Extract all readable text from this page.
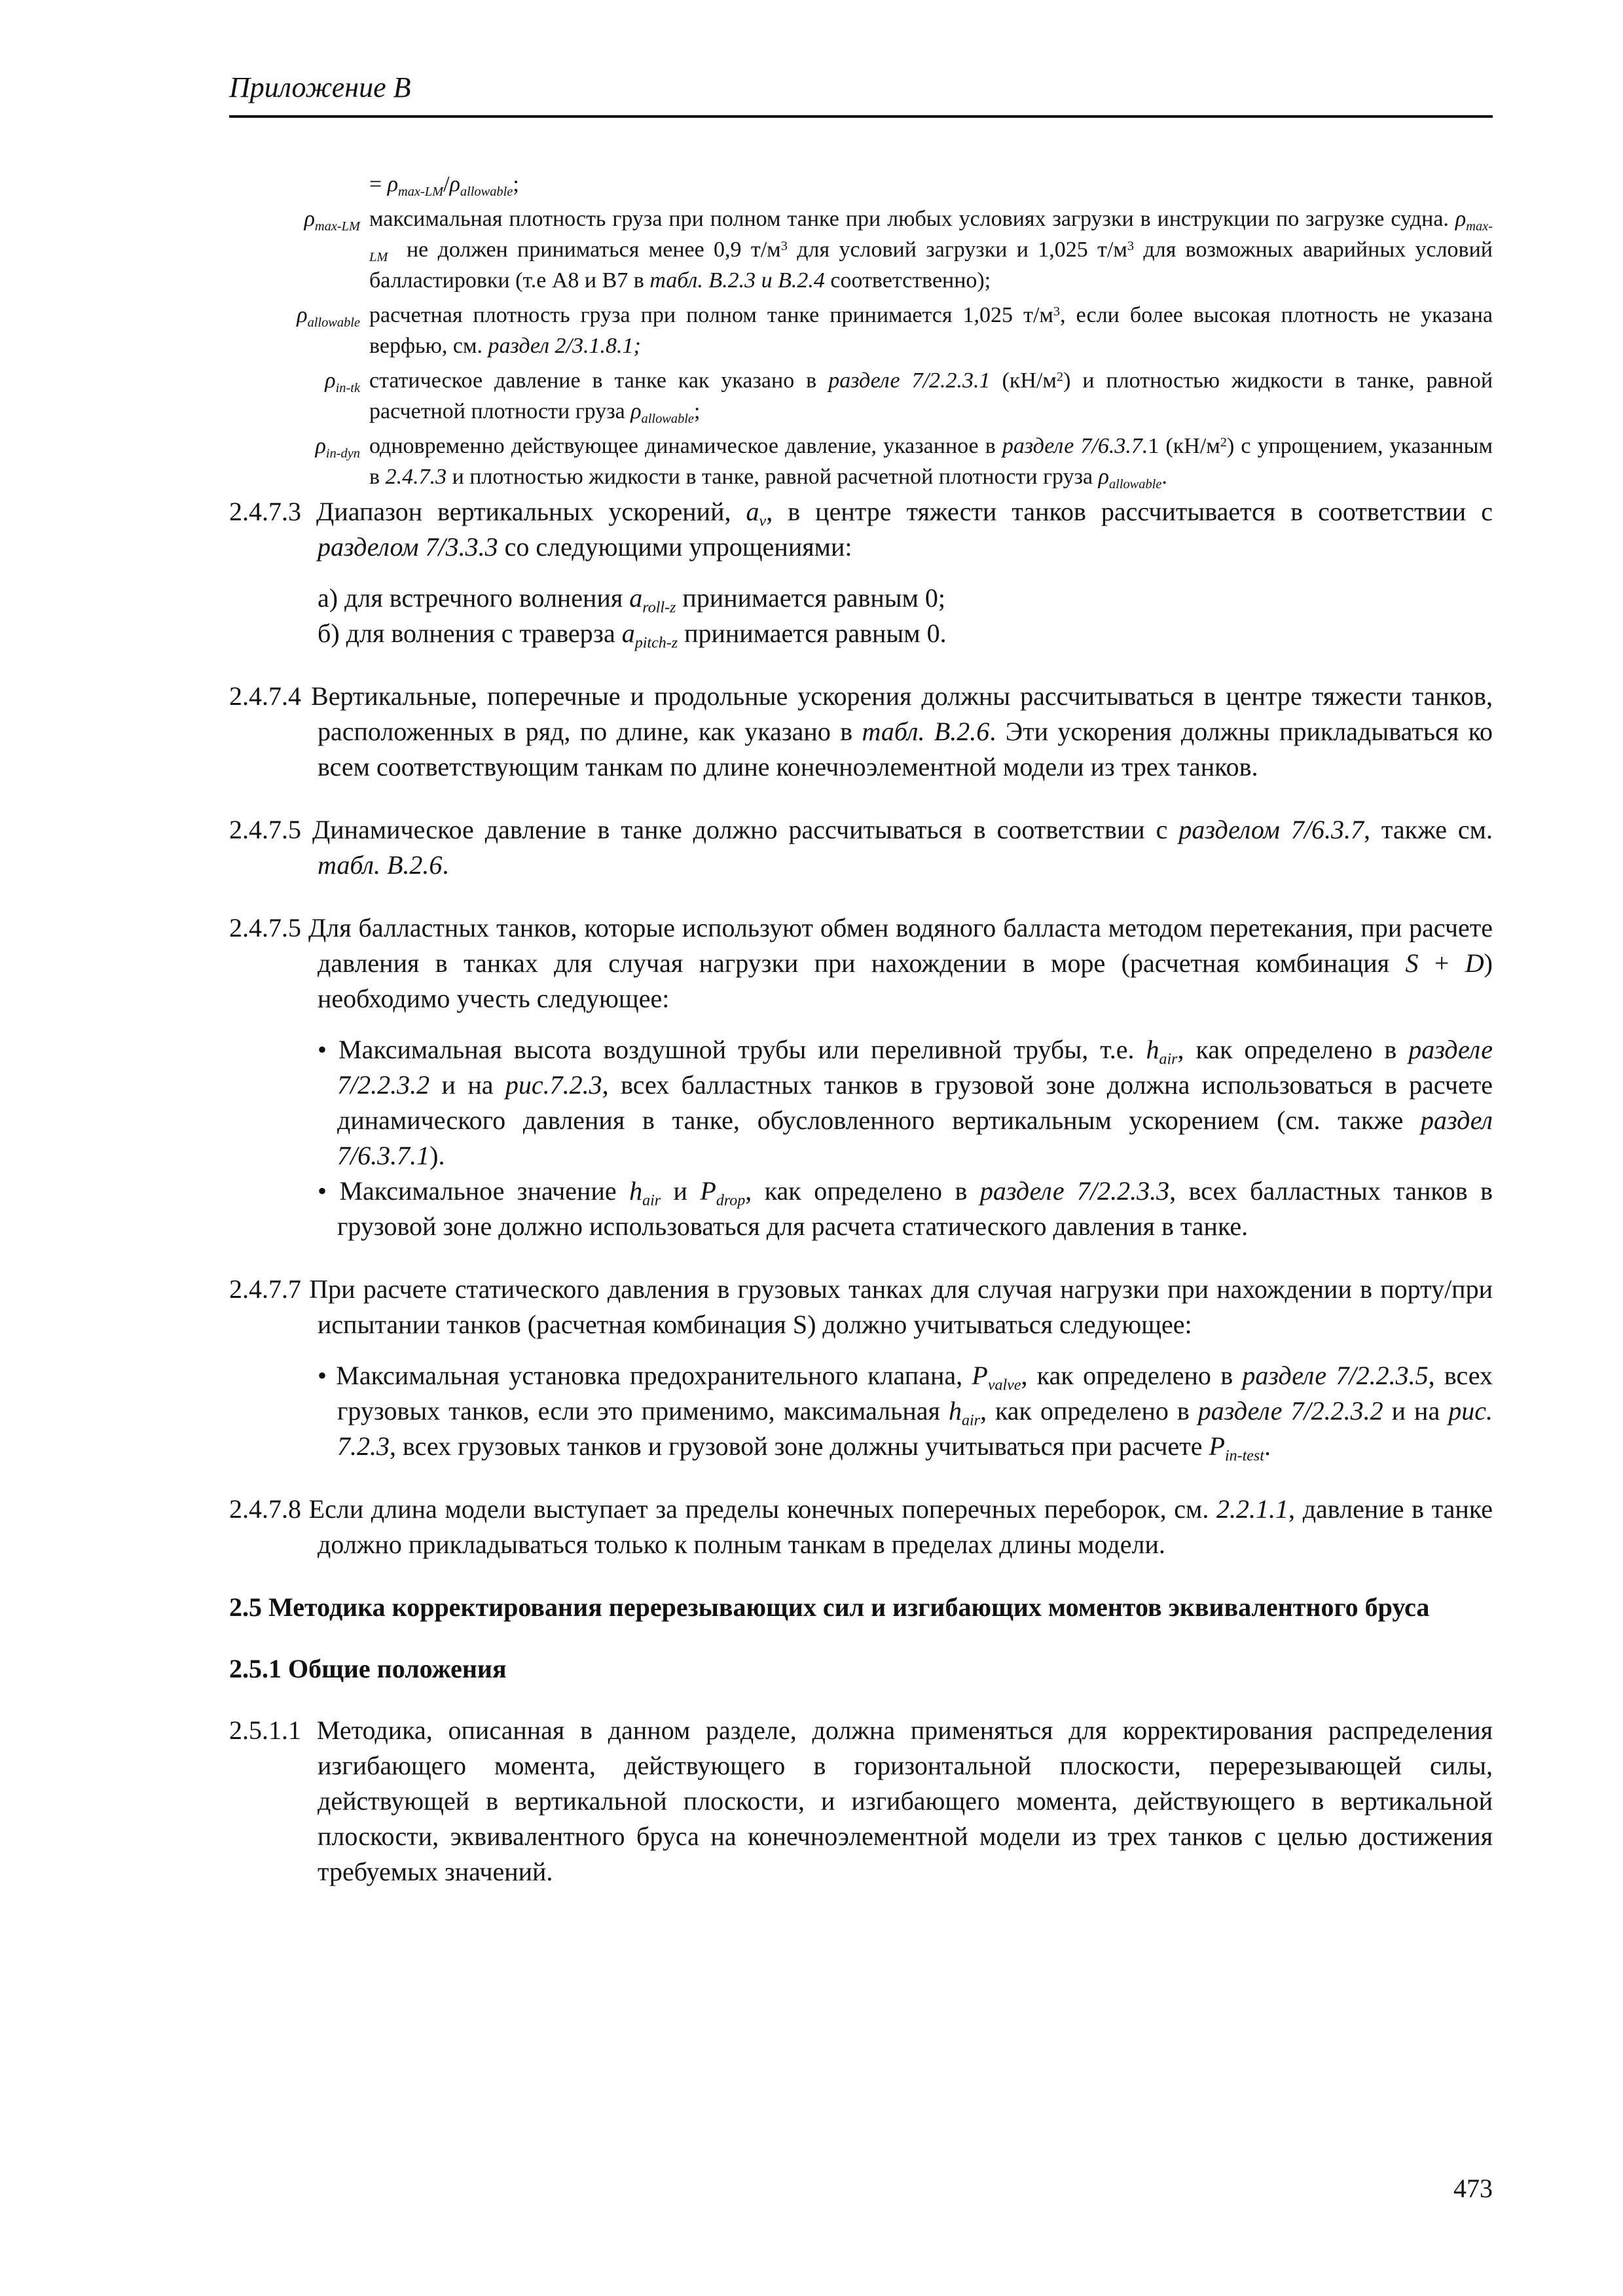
Приложение В
= $\rho_{max-LM}/\rho_{allowable}$;
$\rho_{max-LM}$ максимальная плотность груза при полном танке при любых условиях загрузки в инструкции по загрузке судна. $\rho_{max-LM}$  не должен приниматься менее 0,9 $т/м^3$ для условий загрузки и 1,025 $т/м^3$ для возможных аварийных условий балластировки (т.е А8 и В7 в табл. В.2.3 и В.2.4 соответственно);
$\rho_{allowable}$ расчетная плотность груза при полном танке принимается 1,025 $т/м^3$, если более высокая плотность не указана верфью, см. раздел 2/3.1.8.1;
$\rho_{in-tk}$ статическое давление в танке как указано в разделе 7/2.2.3.1 $(кН/м^2)$ и плотностью жидкости в танке, равной расчетной плотности груза $\rho_{allowable}$;
$\rho_{in-dyn}$ одновременно действующее динамическое давление, указанное в разделе 7/6.3.7.1 $(кН/м^2)$ с упрощением, указанным в 2.4.7.3 и плотностью жидкости в танке, равной расчетной плотности груза $\rho_{allowable}$.

2.4.7.3 Диапазон вертикальных ускорений, $a_v$, в центре тяжести танков рассчитывается в соответствии с разделом 7/3.3.3 со следующими упрощениями:

а) для встречного волнения $a_{roll-z}$ принимается равным 0;
б) для волнения с траверза $a_{pitch-z}$ принимается равным 0.

2.4.7.4 Вертикальные, поперечные и продольные ускорения должны рассчитываться в центре тяжести танков, расположенных в ряд, по длине, как указано в табл. В.2.6. Эти ускорения должны прикладываться ко всем соответствующим танкам по длине конечноэлементной модели из трех танков.

2.4.7.5 Динамическое давление в танке должно рассчитываться в соответствии с разделом 7/6.3.7, также см. табл. В.2.6.

2.4.7.5 Для балластных танков, которые используют обмен водяного балласта методом перетекания, при расчете давления в танках для случая нагрузки при нахождении в море (расчетная комбинация S + D) необходимо учесть следующее:

• Максимальная высота воздушной трубы или переливной трубы, т.е. $h_{air}$, как определено в разделе 7/2.2.3.2 и на рис.7.2.3, всех балластных танков в грузовой зоне должна использоваться в расчете динамического давления в танке, обусловленного вертикальным ускорением (см. также раздел 7/6.3.7.1).
• Максимальное значение $h_{air}$ и $P_{drop}$, как определено в разделе 7/2.2.3.3, всех балластных танков в грузовой зоне должно использоваться для расчета статического давления в танке.

2.4.7.7 При расчете статического давления в грузовых танках для случая нагрузки при нахождении в порту/при испытании танков (расчетная комбинация S) должно учитываться следующее:

• Максимальная установка предохранительного клапана, $P_{valve}$, как определено в разделе 7/2.2.3.5, всех грузовых танков, если это применимо, максимальная $h_{air}$, как определено в разделе 7/2.2.3.2 и на рис. 7.2.3, всех грузовых танков и грузовой зоне должны учитываться при расчете $P_{in-test}$.

2.4.7.8 Если длина модели выступает за пределы конечных поперечных переборок, см. 2.2.1.1, давление в танке должно прикладываться только к полным танкам в пределах длины модели.

2.5 Методика корректирования перерезывающих сил и изгибающих моментов эквивалентного бруса

2.5.1 Общие положения

2.5.1.1 Методика, описанная в данном разделе, должна применяться для корректирования распределения изгибающего момента, действующего в горизонтальной плоскости, перерезывающей силы, действующей в вертикальной плоскости, и изгибающего момента, действующего в вертикальной плоскости, эквивалентного бруса на конечноэлементной модели из трех танков с целью достижения требуемых значений.

473
